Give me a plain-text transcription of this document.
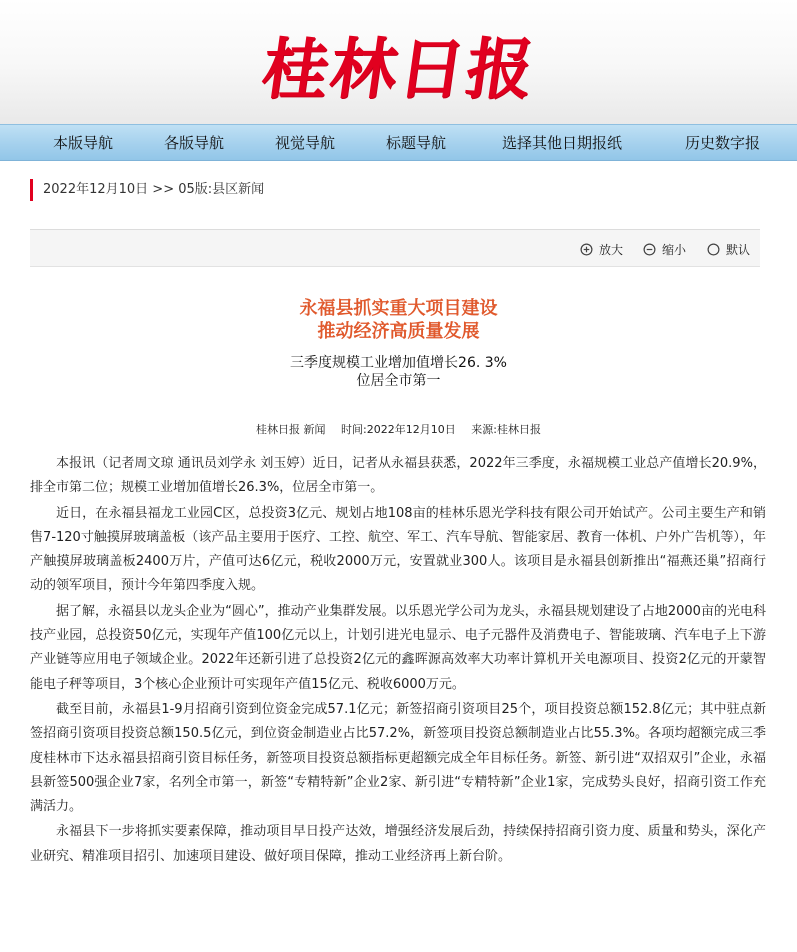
桂林日报
本版导航	各版导航	视觉导航	标题导航	选择其他日期报纸	历史数字报
2022年12月10日 >> 05版:县区新闻
放大	缩小	默认
永福县抓实重大项目建设
推动经济高质量发展
三季度规模工业增加值增长26. 3%
位居全市第一
桂林日报 新闻 时间:2022年12月10日 来源:桂林日报

本报讯（记者周文琼 通讯员刘学永 刘玉婷）近日，记者从永福县获悉，2022年三季度，永福规模工业总产值增长20.9%，排全市第二位；规模工业增加值增长26.3%，位居全市第一。

近日，在永福县福龙工业园C区，总投资3亿元、规划占地108亩的桂林乐恩光学科技有限公司开始试产。公司主要生产和销售7-120寸触摸屏玻璃盖板（该产品主要用于医疗、工控、航空、军工、汽车导航、智能家居、教育一体机、户外广告机等），年产触摸屏玻璃盖板2400万片，产值可达6亿元，税收2000万元，安置就业300人。该项目是永福县创新推出“福燕还巢”招商行动的领军项目，预计今年第四季度入规。

据了解，永福县以龙头企业为“圆心”，推动产业集群发展。以乐恩光学公司为龙头，永福县规划建设了占地2000亩的光电科技产业园，总投资50亿元，实现年产值100亿元以上，计划引进光电显示、电子元器件及消费电子、智能玻璃、汽车电子上下游产业链等应用电子领域企业。2022年还新引进了总投资2亿元的鑫晖源高效率大功率计算机开关电源项目、投资2亿元的开蒙智能电子秤等项目，3个核心企业预计可实现年产值15亿元、税收6000万元。

截至目前，永福县1-9月招商引资到位资金完成57.1亿元；新签招商引资项目25个，项目投资总额152.8亿元；其中驻点新签招商引资项目投资总额150.5亿元，到位资金制造业占比57.2%，新签项目投资总额制造业占比55.3%。各项均超额完成三季度桂林市下达永福县招商引资目标任务，新签项目投资总额指标更超额完成全年目标任务。新签、新引进“双招双引”企业，永福县新签500强企业7家，名列全市第一，新签“专精特新”企业2家、新引进“专精特新”企业1家，完成势头良好，招商引资工作充满活力。

永福县下一步将抓实要素保障，推动项目早日投产达效，增强经济发展后劲，持续保持招商引资力度、质量和势头，深化产业研究、精准项目招引、加速项目建设、做好项目保障，推动工业经济再上新台阶。
